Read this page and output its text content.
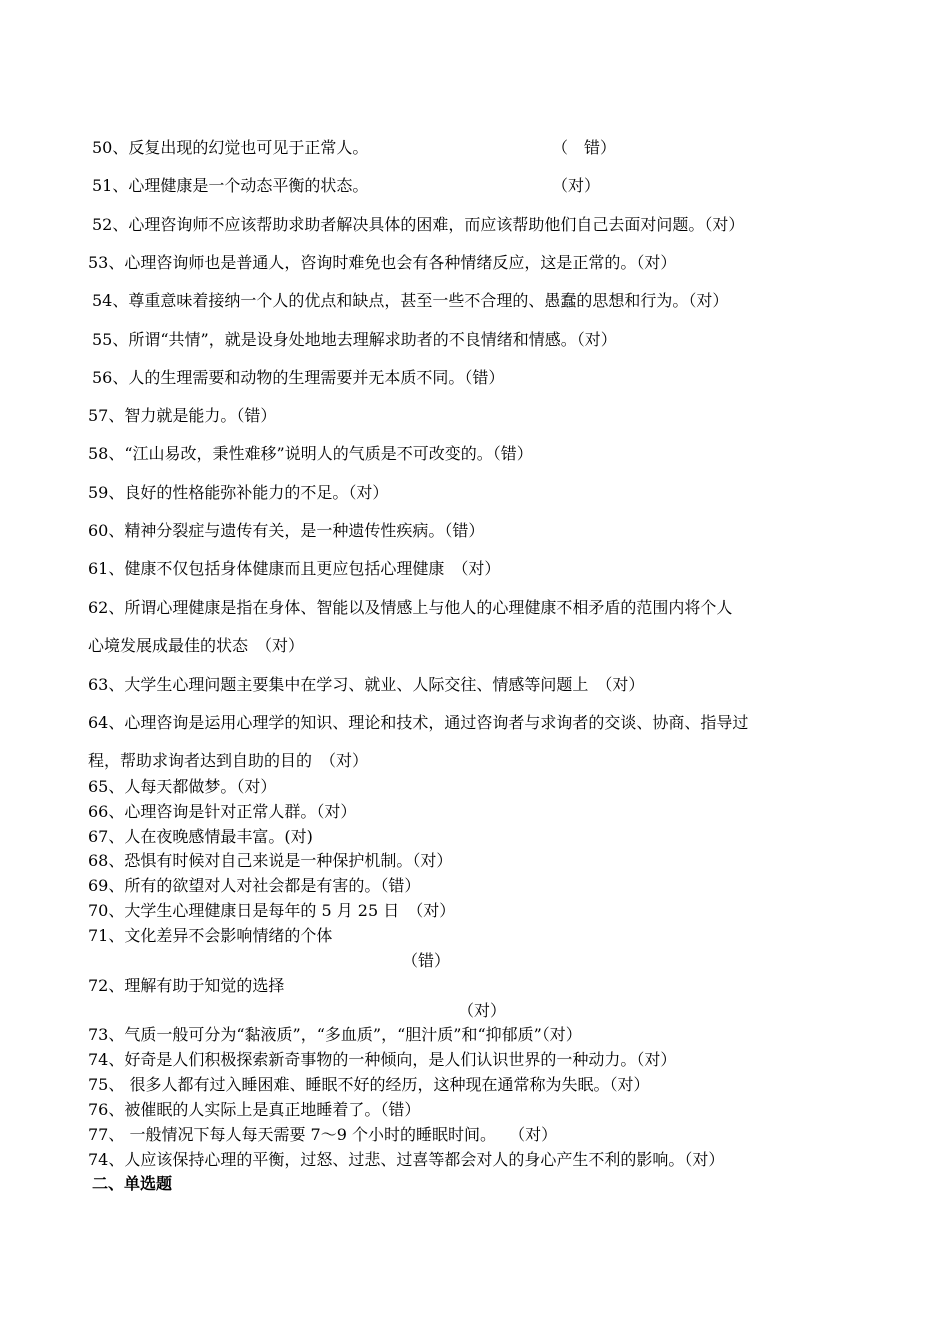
50、反复出现的幻觉也可见于正常人。	（　错）
51、心理健康是一个动态平衡的状态。	（对）
52、心理咨询师不应该帮助求助者解决具体的困难，而应该帮助他们自己去面对问题。（对）
53、心理咨询师也是普通人，咨询时难免也会有各种情绪反应，这是正常的。（对）
54、尊重意味着接纳一个人的优点和缺点，甚至一些不合理的、愚蠢的思想和行为。（对）
55、所谓“共情”，就是设身处地地去理解求助者的不良情绪和情感。（对）
56、人的生理需要和动物的生理需要并无本质不同。（错）
57、智力就是能力。（错）
58、“江山易改，秉性难移”说明人的气质是不可改变的。（错）
59、良好的性格能弥补能力的不足。（对）
60、精神分裂症与遗传有关，是一种遗传性疾病。（错）
61、健康不仅包括身体健康而且更应包括心理健康　（对）
62、所谓心理健康是指在身体、智能以及情感上与他人的心理健康不相矛盾的范围内将个人
心境发展成最佳的状态　（对）
63、大学生心理问题主要集中在学习、就业、人际交往、情感等问题上　（对）
64、心理咨询是运用心理学的知识、理论和技术，通过咨询者与求询者的交谈、协商、指导过
程，帮助求询者达到自助的目的　（对）
65、人每天都做梦。（对）
66、心理咨询是针对正常人群。（对）
67、人在夜晚感情最丰富。(对)
68、恐惧有时候对自己来说是一种保护机制。（对）
69、所有的欲望对人对社会都是有害的。（错）
70、大学生心理健康日是每年的 5 月 25 日　（对）
71、文化差异不会影响情绪的个体
（错）
72、理解有助于知觉的选择
（对）
73、气质一般可分为“黏液质”，“多血质”，“胆汁质”和“抑郁质”（对）
74、好奇是人们积极探索新奇事物的一种倾向，是人们认识世界的一种动力。（对）
75、 很多人都有过入睡困难、睡眠不好的经历，这种现在通常称为失眠。（对）
76、被催眠的人实际上是真正地睡着了。（错）
77、 一般情况下每人每天需要 7～9 个小时的睡眠时间。　 （对）
74、人应该保持心理的平衡，过怒、过悲、过喜等都会对人的身心产生不利的影响。（对）
二、单选题
